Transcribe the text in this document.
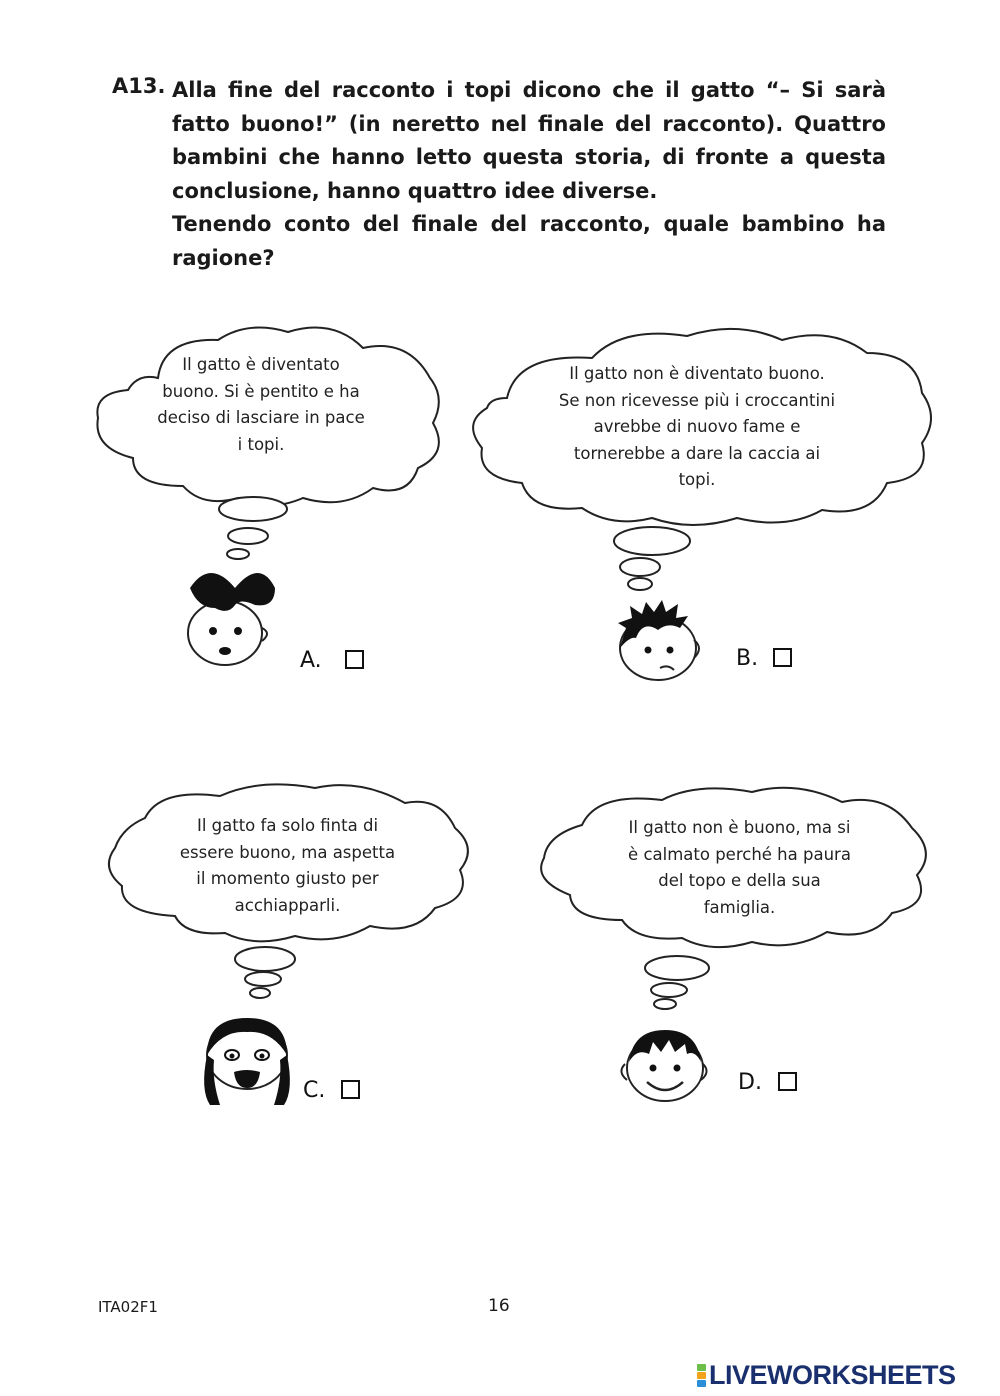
A13. Alla fine del racconto i topi dicono che il gatto “– Si sarà fatto buono!” (in neretto nel finale del racconto). Quattro bambini che hanno letto questa storia, di fronte a questa conclusione, hanno quattro idee diverse.

Tenendo conto del finale del racconto, quale bambino ha ragione?

Il gatto è diventato
buono. Si è pentito e ha
deciso di lasciare in pace
i topi.
A.
Il gatto non è diventato buono.
Se non ricevesse più i croccantini
avrebbe di nuovo fame e
tornerebbe a dare la caccia ai
topi.
B.
Il gatto fa solo finta di
essere buono, ma aspetta
il momento giusto per
acchiapparli.
C.
Il gatto non è buono, ma si
è calmato perché ha paura
del topo e della sua
famiglia.
D.
ITA02F1	16
LIVEWORKSHEETS
